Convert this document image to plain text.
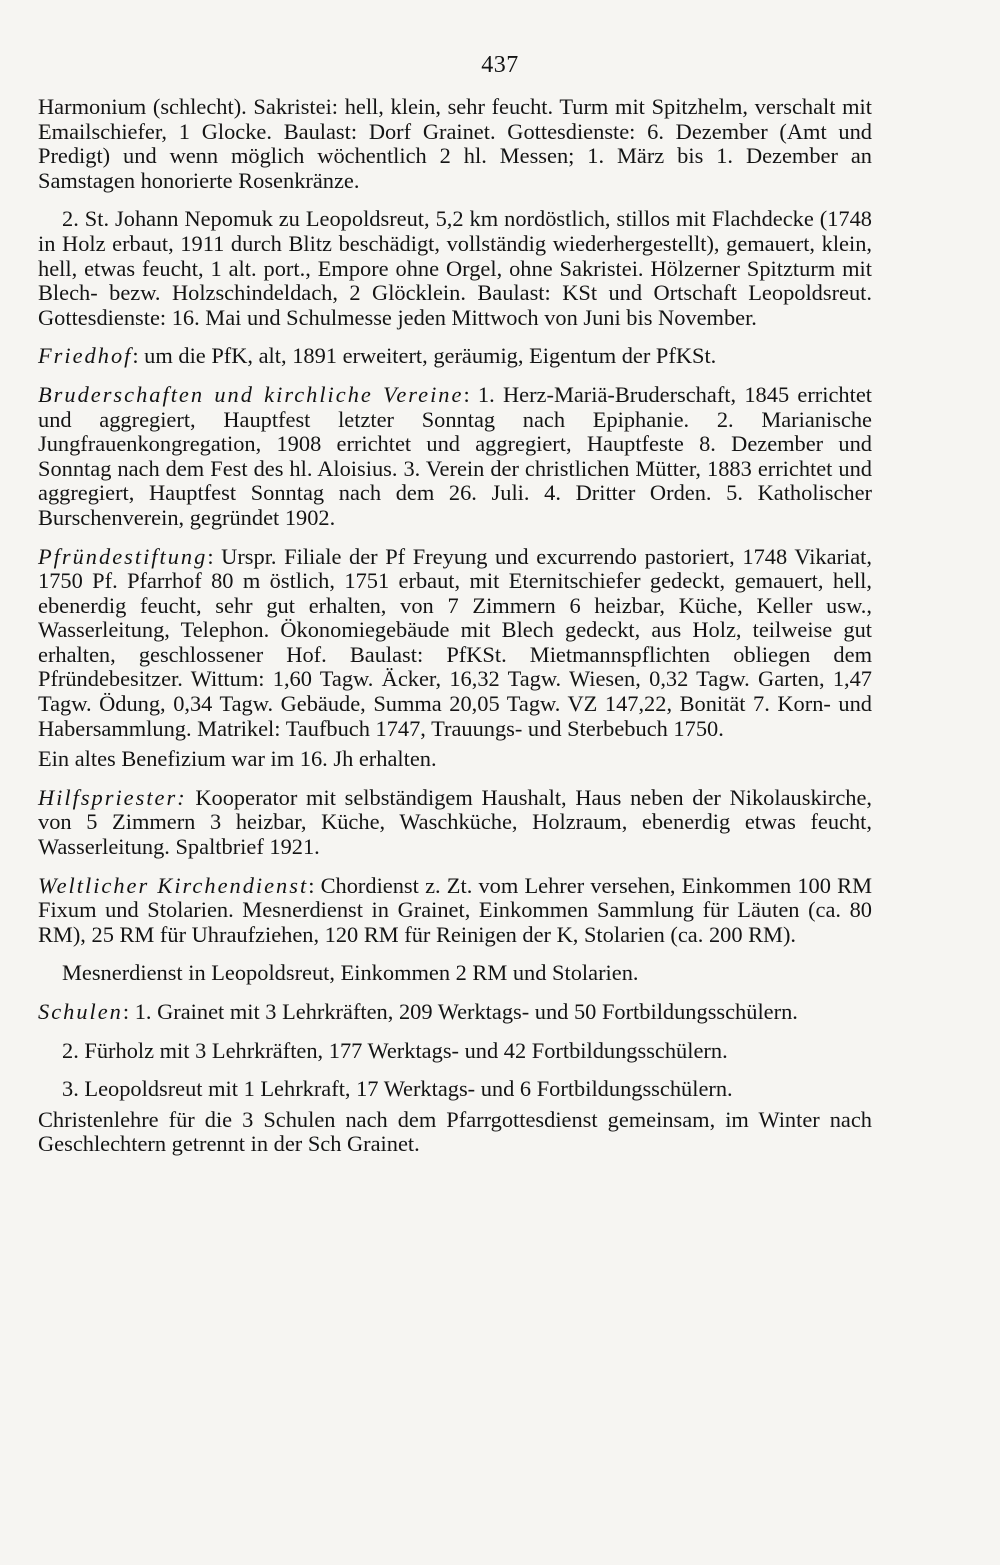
437

Harmonium (schlecht). Sakristei: hell, klein, sehr feucht. Turm mit Spitzhelm, verschalt mit Emailschiefer, 1 Glocke. Baulast: Dorf Grainet. Gottesdienste: 6. Dezember (Amt und Predigt) und wenn möglich wöchentlich 2 hl. Messen; 1. März bis 1. Dezember an Samstagen honorierte Rosenkränze.

2. St. Johann Nepomuk zu Leopoldsreut, 5,2 km nordöstlich, stillos mit Flachdecke (1748 in Holz erbaut, 1911 durch Blitz beschädigt, vollständig wiederhergestellt), gemauert, klein, hell, etwas feucht, 1 alt. port., Empore ohne Orgel, ohne Sakristei. Hölzerner Spitzturm mit Blech- bezw. Holzschindeldach, 2 Glöcklein. Baulast: KSt und Ortschaft Leopoldsreut. Gottesdienste: 16. Mai und Schulmesse jeden Mittwoch von Juni bis November.

Friedhof: um die PfK, alt, 1891 erweitert, geräumig, Eigentum der PfKSt.

Bruderschaften und kirchliche Vereine: 1. Herz-Mariä-Bruderschaft, 1845 errichtet und aggregiert, Hauptfest letzter Sonntag nach Epiphanie. 2. Marianische Jungfrauenkongregation, 1908 errichtet und aggregiert, Hauptfeste 8. Dezember und Sonntag nach dem Fest des hl. Aloisius. 3. Verein der christlichen Mütter, 1883 errichtet und aggregiert, Hauptfest Sonntag nach dem 26. Juli. 4. Dritter Orden. 5. Katholischer Burschenverein, gegründet 1902.

Pfründestiftung: Urspr. Filiale der Pf Freyung und excurrendo pastoriert, 1748 Vikariat, 1750 Pf. Pfarrhof 80 m östlich, 1751 erbaut, mit Eternitschiefer gedeckt, gemauert, hell, ebenerdig feucht, sehr gut erhalten, von 7 Zimmern 6 heizbar, Küche, Keller usw., Wasserleitung, Telephon. Ökonomiegebäude mit Blech gedeckt, aus Holz, teilweise gut erhalten, geschlossener Hof. Baulast: PfKSt. Mietmannspflichten obliegen dem Pfründebesitzer. Wittum: 1,60 Tagw. Äcker, 16,32 Tagw. Wiesen, 0,32 Tagw. Garten, 1,47 Tagw. Ödung, 0,34 Tagw. Gebäude, Summa 20,05 Tagw. VZ 147,22, Bonität 7. Korn- und Habersammlung. Matrikel: Taufbuch 1747, Trauungs- und Sterbebuch 1750.

Ein altes Benefizium war im 16. Jh erhalten.

Hilfspriester: Kooperator mit selbständigem Haushalt, Haus neben der Nikolauskirche, von 5 Zimmern 3 heizbar, Küche, Waschküche, Holzraum, ebenerdig etwas feucht, Wasserleitung. Spaltbrief 1921.

Weltlicher Kirchendienst: Chordienst z. Zt. vom Lehrer versehen, Einkommen 100 RM Fixum und Stolarien. Mesnerdienst in Grainet, Einkommen Sammlung für Läuten (ca. 80 RM), 25 RM für Uhraufziehen, 120 RM für Reinigen der K, Stolarien (ca. 200 RM).

Mesnerdienst in Leopoldsreut, Einkommen 2 RM und Stolarien.

Schulen: 1. Grainet mit 3 Lehrkräften, 209 Werktags- und 50 Fortbildungsschülern.

2. Fürholz mit 3 Lehrkräften, 177 Werktags- und 42 Fortbildungsschülern.

3. Leopoldsreut mit 1 Lehrkraft, 17 Werktags- und 6 Fortbildungsschülern.

Christenlehre für die 3 Schulen nach dem Pfarrgottesdienst gemeinsam, im Winter nach Geschlechtern getrennt in der Sch Grainet.
